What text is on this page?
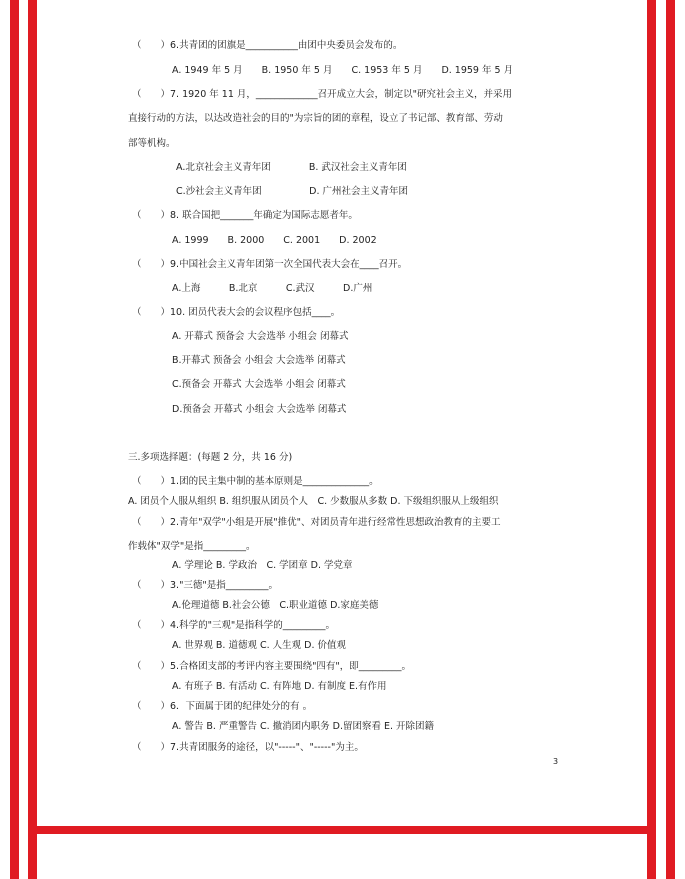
（　　）6.共青团的团旗是___________由团中央委员会发布的。
A. 1949 年 5 月　　B. 1950 年 5 月　　C. 1953 年 5 月　　D. 1959 年 5 月
（　　）7. 1920 年 11 月，_____________召开成立大会，制定以"研究社会主义，并采用
直接行动的方法，以达改造社会的目的"为宗旨的团的章程，设立了书记部、教育部、劳动
部等机构。
A.北京社会主义青年团　　　　B. 武汉社会主义青年团
C.沙社会主义青年团　　　　　D. 广州社会主义青年团
（　　）8. 联合国把_______年确定为国际志愿者年。
A. 1999　　B. 2000　　C. 2001　　D. 2002
（　　）9.中国社会主义青年团第一次全国代表大会在____召开。
A.上海　　　B.北京　　　C.武汉　　　D.广州
（　　）10. 团员代表大会的会议程序包括____。
A. 开幕式 预备会 大会选举 小组会 闭幕式
B.开幕式 预备会 小组会 大会选举 闭幕式
C.预备会 开幕式 大会选举 小组会 闭幕式
D.预备会 开幕式 小组会 大会选举 闭幕式
三.多项选择题：(每题 2 分，共 16 分)
（　　）1.团的民主集中制的基本原则是______________。
A. 团员个人服从组织 B. 组织服从团员个人　C. 少数服从多数 D. 下级组织服从上级组织
（　　）2.青年"双学"小组是开展"推优"、对团员青年进行经常性思想政治教育的主要工
作载体"双学"是指_________。
A. 学理论 B. 学政治　C. 学团章 D. 学党章
（　　）3."三德"是指_________。
A.伦理道德 B.社会公德　C.职业道德 D.家庭美德
（　　）4.科学的"三观"是指科学的_________。
A. 世界观 B. 道德观 C. 人生观 D. 价值观
（　　）5.合格团支部的考评内容主要围绕"四有"，即_________。
A. 有班子 B. 有活动 C. 有阵地 D. 有制度 E.有作用
（　　）6．下面属于团的纪律处分的有 。
A. 警告 B. 严重警告 C. 撤消团内职务 D.留团察看 E. 开除团籍
（　　）7.共青团服务的途径，以"-----"、"-----"为主。
3
